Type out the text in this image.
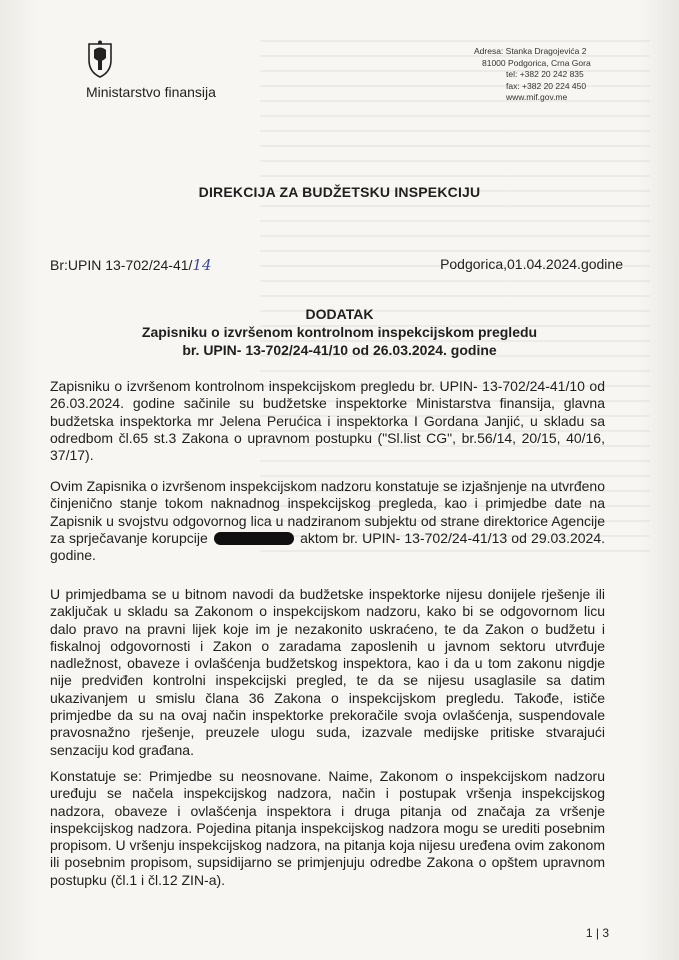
Ministarstvo finansija
Adresa: Stanka Dragojevića 2
81000 Podgorica, Crna Gora
tel: +382 20 242 835
fax: +382 20 224 450
www.mif.gov.me
DIREKCIJA ZA BUDŽETSKU INSPEKCIJU
Br:UPIN 13-702/24-41/14	Podgorica,01.04.2024.godine
DODATAK
Zapisniku o izvršenom kontrolnom inspekcijskom pregledu
br. UPIN- 13-702/24-41/10 od 26.03.2024. godine
Zapisniku o izvršenom kontrolnom inspekcijskom pregledu br. UPIN- 13-702/24-41/10 od 26.03.2024. godine sačinile su budžetske inspektorke Ministarstva finansija, glavna budžetska inspektorka mr Jelena Perućica i inspektorka I Gordana Janjić, u skladu sa odredbom čl.65 st.3 Zakona o upravnom postupku ("Sl.list CG", br.56/14, 20/15, 40/16, 37/17).
Ovim Zapisnika o izvršenom inspekcijskom nadzoru konstatuje se izjašnjenje na utvrđeno činjenično stanje tokom naknadnog inspekcijskog pregleda, kao i primjedbe date na Zapisnik u svojstvu odgovornog lica u nadziranom subjektu od strane direktorice Agencije za sprječavanje korupcije	aktom br. UPIN- 13-702/24-41/13 od 29.03.2024. godine.
U primjedbama se u bitnom navodi da budžetske inspektorke nijesu donijele rješenje ili zaključak u skladu sa Zakonom o inspekcijskom nadzoru, kako bi se odgovornom licu dalo pravo na pravni lijek koje im je nezakonito uskraćeno, te da Zakon o budžetu i fiskalnoj odgovornosti i Zakon o zaradama zaposlenih u javnom sektoru utvrđuje nadležnost, obaveze i ovlašćenja budžetskog inspektora, kao i da u tom zakonu nigdje nije predviđen kontrolni inspekcijski pregled, te da se nijesu usaglasile sa datim ukazivanjem u smislu člana 36 Zakona o inspekcijskom pregledu. Takođe, ističe primjedbe da su na ovaj način inspektorke prekoračile svoja ovlašćenja, suspendovale pravosnažno rješenje, preuzele ulogu suda, izazvale medijske pritiske stvarajući senzaciju kod građana.
Konstatuje se: Primjedbe su neosnovane. Naime, Zakonom o inspekcijskom nadzoru uređuju se načela inspekcijskog nadzora, način i postupak vršenja inspekcijskog nadzora, obaveze i ovlašćenja inspektora i druga pitanja od značaja za vršenje inspekcijskog nadzora. Pojedina pitanja inspekcijskog nadzora mogu se urediti posebnim propisom. U vršenju inspekcijskog nadzora, na pitanja koja nijesu uređena ovim zakonom ili posebnim propisom, supsidijarno se primjenjuju odredbe Zakona o opštem upravnom postupku (čl.1 i čl.12 ZIN-a).
1 | 3
